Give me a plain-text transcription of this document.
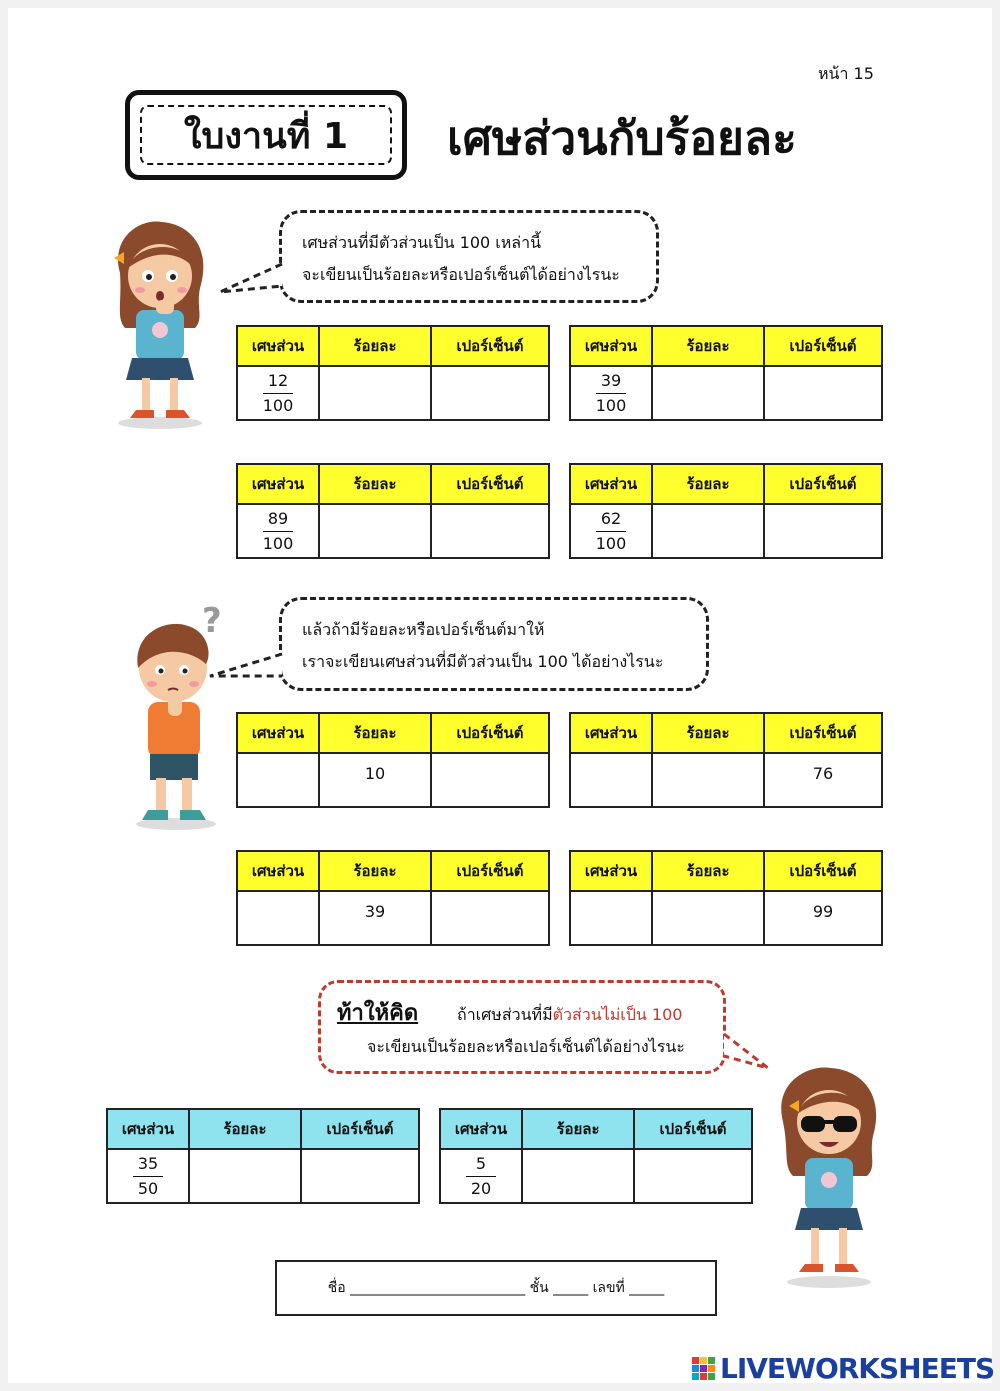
หน้า 15
ใบงานที่ 1	เศษส่วนกับร้อยละ
เศษส่วนที่มีตัวส่วนเป็น 100 เหล่านี้
จะเขียนเป็นร้อยละหรือเปอร์เซ็นต์ได้อย่างไรนะ
เศษส่วน	ร้อยละ	เปอร์เซ็นต์

$\frac{12}{100}$

เศษส่วน	ร้อยละ	เปอร์เซ็นต์

$\frac{39}{100}$

เศษส่วน	ร้อยละ	เปอร์เซ็นต์

$\frac{89}{100}$

เศษส่วน	ร้อยละ	เปอร์เซ็นต์

$\frac{62}{100}$

?	แล้วถ้ามีร้อยละหรือเปอร์เซ็นต์มาให้
เราจะเขียนเศษส่วนที่มีตัวส่วนเป็น 100 ได้อย่างไรนะ
เศษส่วน	ร้อยละ	เปอร์เซ็นต์

	10	

เศษส่วน	ร้อยละ	เปอร์เซ็นต์

		76
เศษส่วน	ร้อยละ	เปอร์เซ็นต์

	39	

เศษส่วน	ร้อยละ	เปอร์เซ็นต์

		99
ท้าให้คิด ถ้าเศษส่วนที่มีตัวส่วนไม่เป็น 100
จะเขียนเป็นร้อยละหรือเปอร์เซ็นต์ได้อย่างไรนะ
เศษส่วน	ร้อยละ	เปอร์เซ็นต์

$\frac{35}{50}$

เศษส่วน	ร้อยละ	เปอร์เซ็นต์

$\frac{5}{20}$

ชื่อ _________________________ ชั้น _____ เลขที่ _____
LIVEWORKSHEETS
